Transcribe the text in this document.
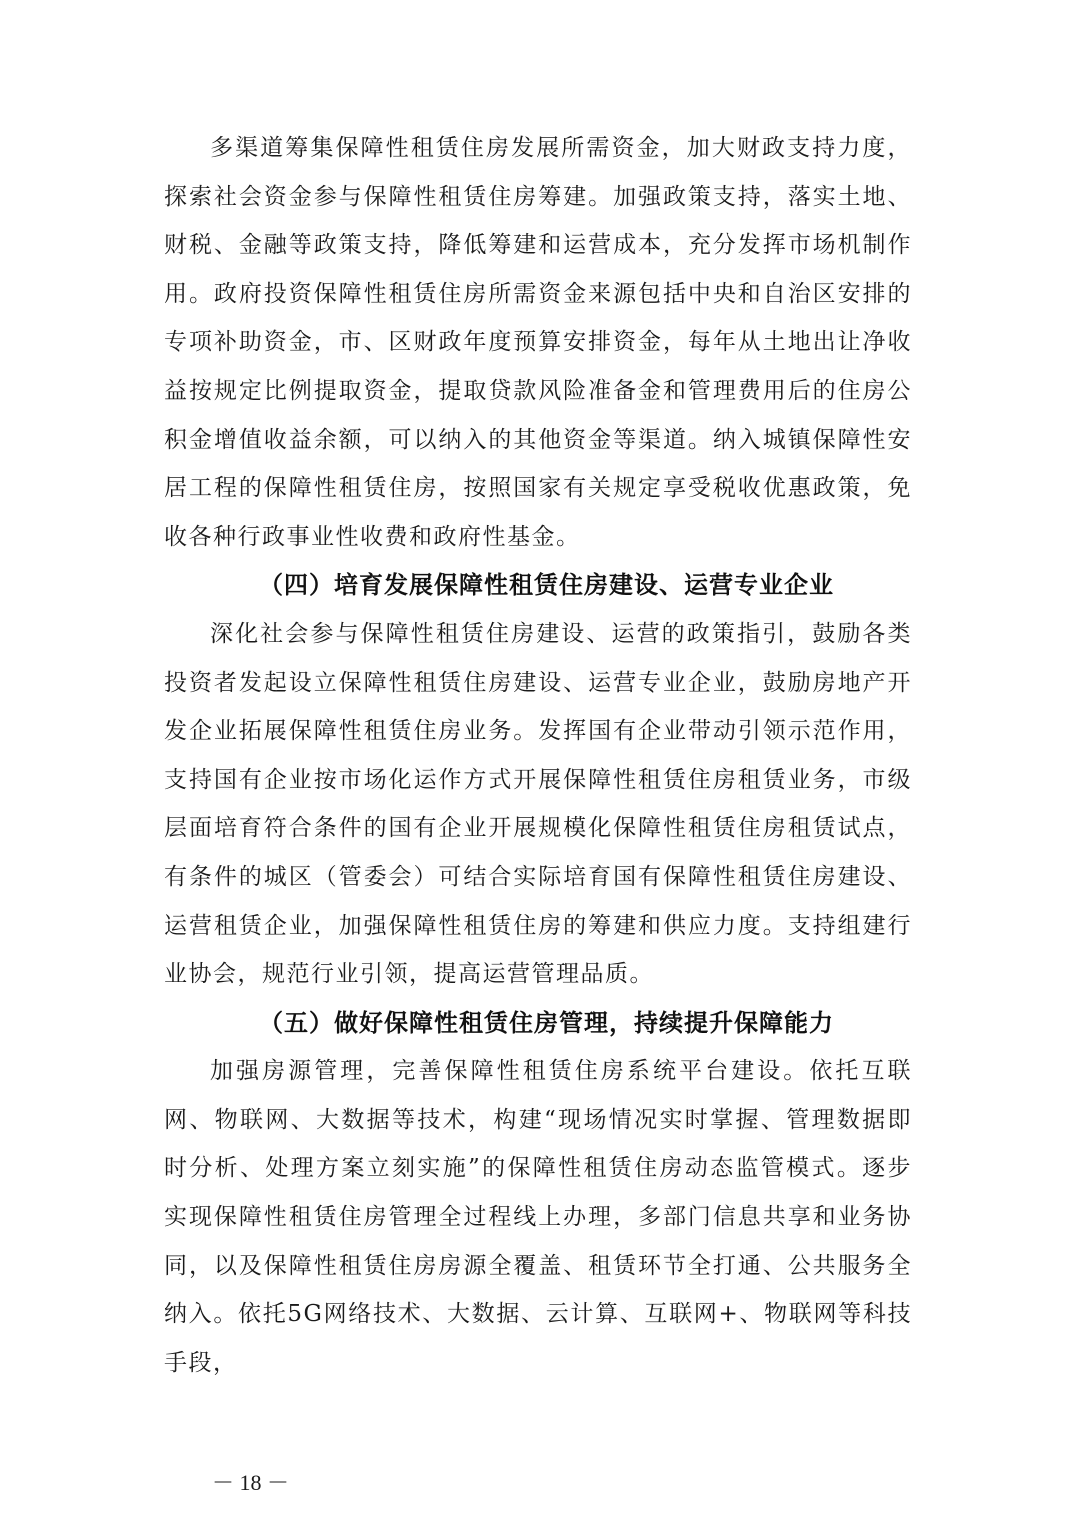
多渠道筹集保障性租赁住房发展所需资金，加大财政支持力度，探索社会资金参与保障性租赁住房筹建。加强政策支持，落实土地、财税、金融等政策支持，降低筹建和运营成本，充分发挥市场机制作用。政府投资保障性租赁住房所需资金来源包括中央和自治区安排的专项补助资金，市、区财政年度预算安排资金，每年从土地出让净收益按规定比例提取资金，提取贷款风险准备金和管理费用后的住房公积金增值收益余额，可以纳入的其他资金等渠道。纳入城镇保障性安居工程的保障性租赁住房，按照国家有关规定享受税收优惠政策，免收各种行政事业性收费和政府性基金。

（四）培育发展保障性租赁住房建设、运营专业企业

深化社会参与保障性租赁住房建设、运营的政策指引，鼓励各类投资者发起设立保障性租赁住房建设、运营专业企业，鼓励房地产开发企业拓展保障性租赁住房业务。发挥国有企业带动引领示范作用，支持国有企业按市场化运作方式开展保障性租赁住房租赁业务，市级层面培育符合条件的国有企业开展规模化保障性租赁住房租赁试点，有条件的城区（管委会）可结合实际培育国有保障性租赁住房建设、运营租赁企业，加强保障性租赁住房的筹建和供应力度。支持组建行业协会，规范行业引领，提高运营管理品质。

（五）做好保障性租赁住房管理，持续提升保障能力

加强房源管理，完善保障性租赁住房系统平台建设。依托互联网、物联网、大数据等技术，构建“现场情况实时掌握、管理数据即时分析、处理方案立刻实施”的保障性租赁住房动态监管模式。逐步实现保障性租赁住房管理全过程线上办理，多部门信息共享和业务协同，以及保障性租赁住房房源全覆盖、租赁环节全打通、公共服务全纳入。依托5G网络技术、大数据、云计算、互联网+、物联网等科技手段，

－ 18 －
